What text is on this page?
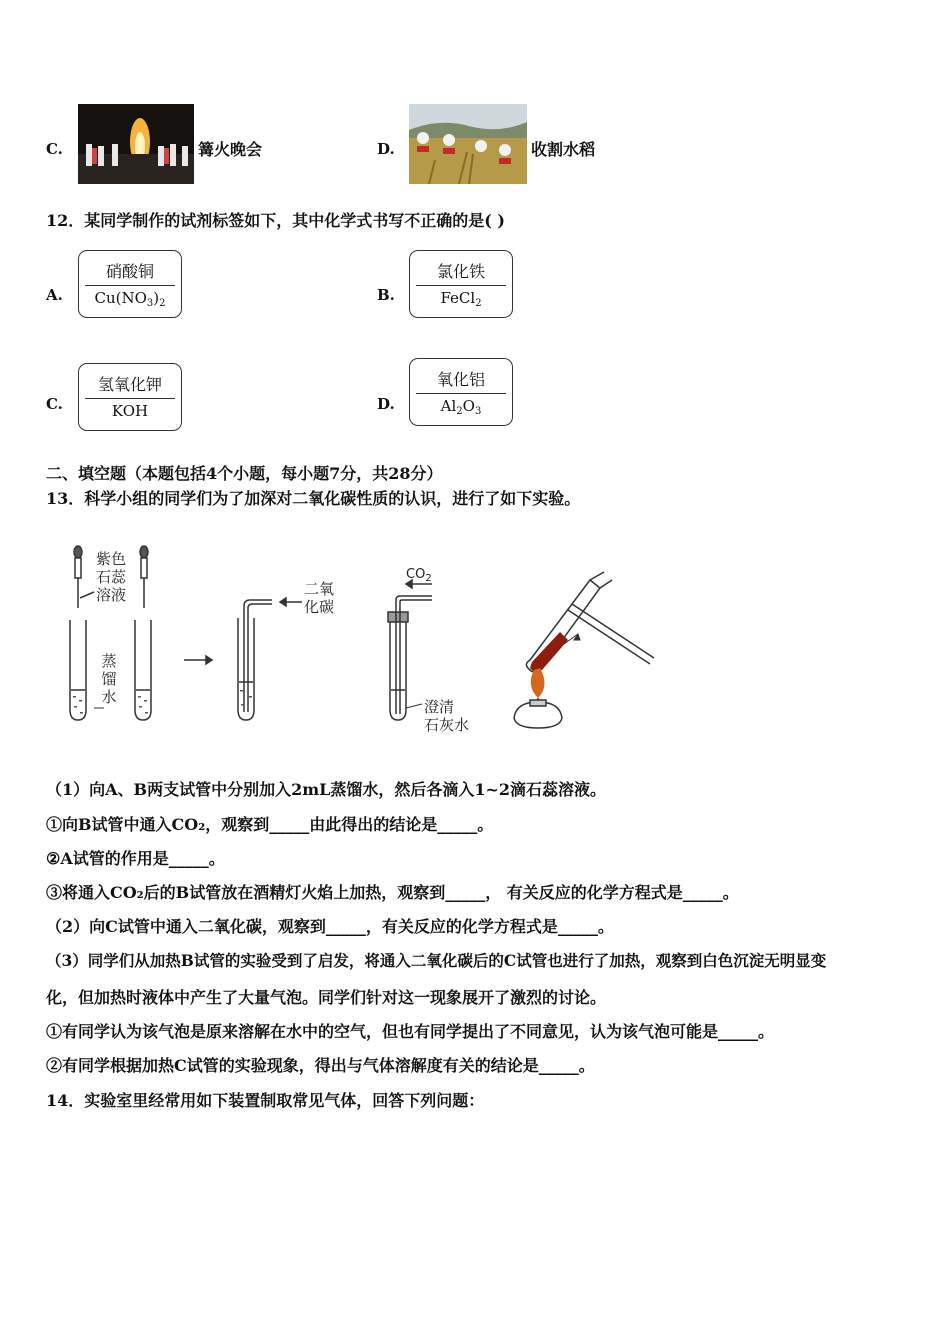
C.	篝火晚会	D.	收割水稻
12．某同学制作的试剂标签如下，其中化学式书写不正确的是( )
A.
硝酸铜
$Cu(NO_3)_2$	B.
氯化铁
FeCl$_2$
C.
氢氧化钾
KOH	D.
氧化铝
$Al_2O_3$
二、填空题（本题包括4个小题，每小题7分，共28分）
13．科学小组的同学们为了加深对二氧化碳性质的认识，进行了如下实验。
紫色
石蕊
溶液
蒸
馏
水
二氧
化碳
$CO_2$
澄清
石灰水
（1）向A、B两支试管中分别加入2mL蒸馏水，然后各滴入1~2滴石蕊溶液。
①向B试管中通入CO₂，观察到_____由此得出的结论是_____。
②A试管的作用是_____。
③将通入CO₂后的B试管放在酒精灯火焰上加热，观察到_____， 有关反应的化学方程式是_____。
（2）向C试管中通入二氧化碳，观察到_____，有关反应的化学方程式是_____。
（3）同学们从加热B试管的实验受到了启发，将通入二氧化碳后的C试管也进行了加热，观察到白色沉淀无明显变
化，但加热时液体中产生了大量气泡。同学们针对这一现象展开了激烈的讨论。
①有同学认为该气泡是原来溶解在水中的空气，但也有同学提出了不同意见，认为该气泡可能是_____。
②有同学根据加热C试管的实验现象，得出与气体溶解度有关的结论是_____。
14．实验室里经常用如下装置制取常见气体，回答下列问题：
